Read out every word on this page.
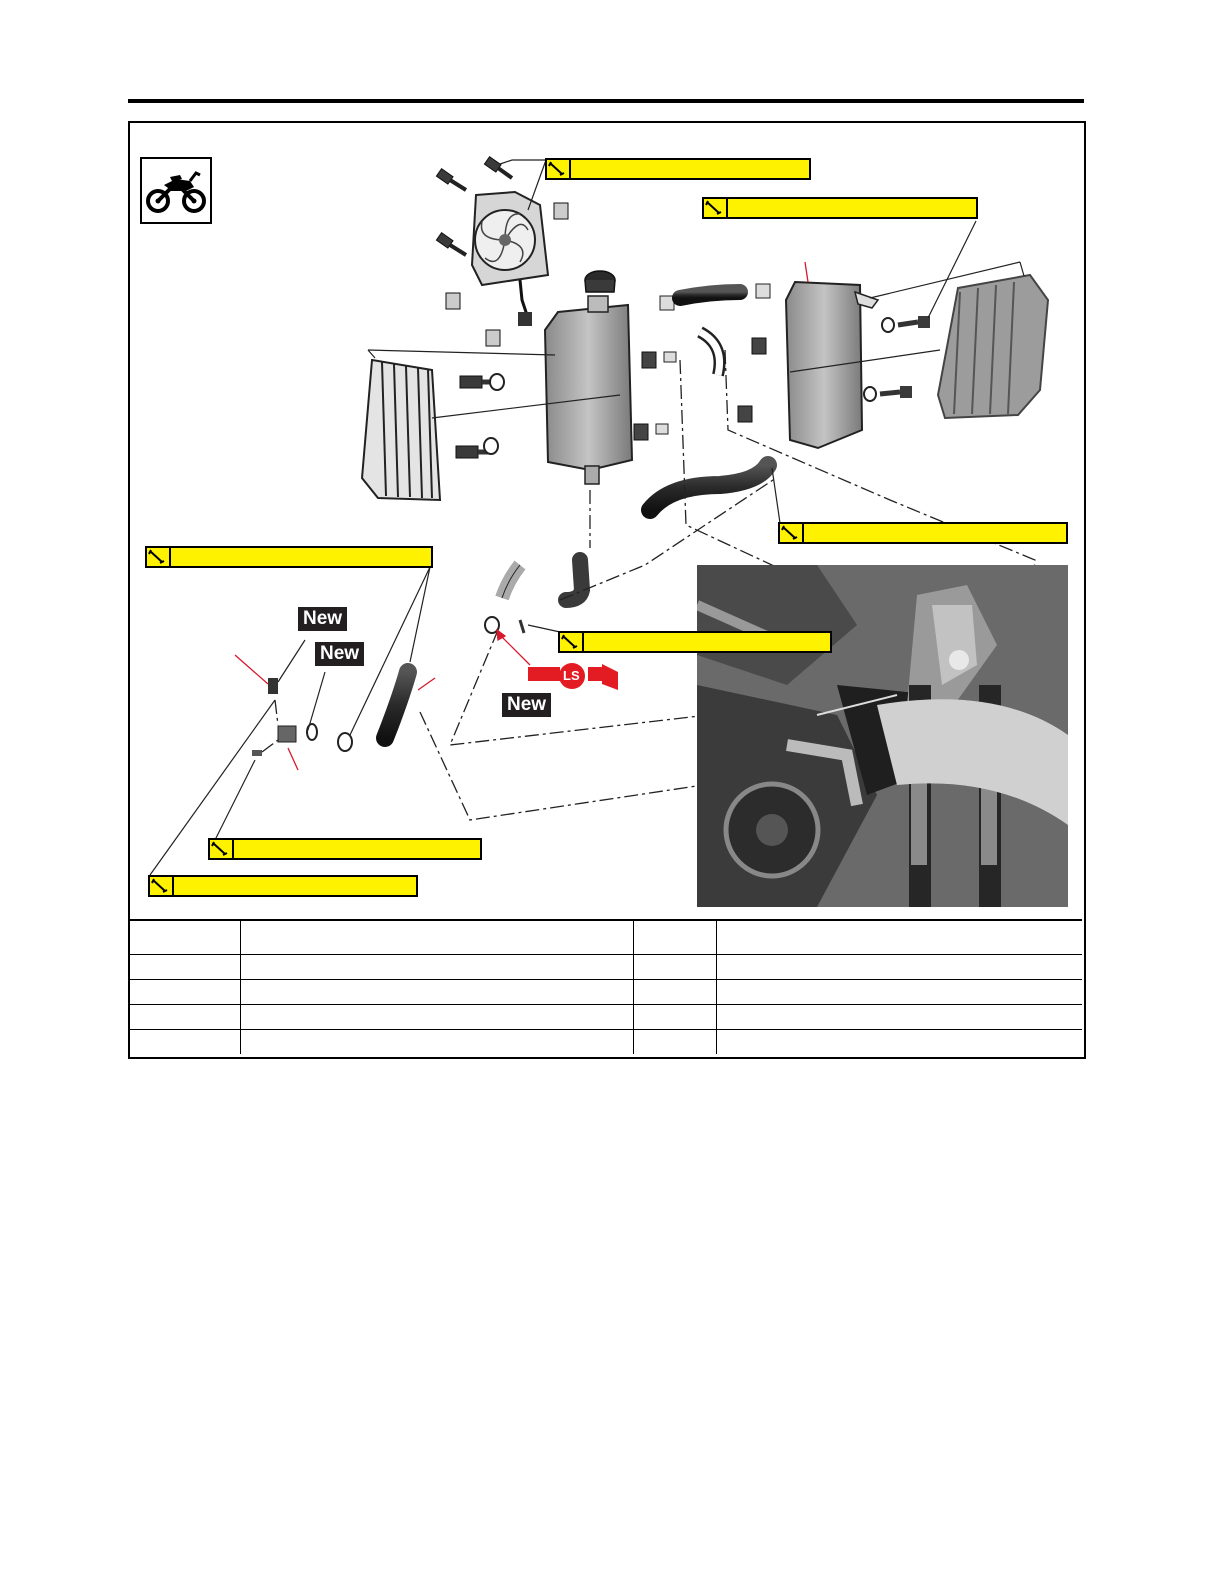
LS
New
New
New
